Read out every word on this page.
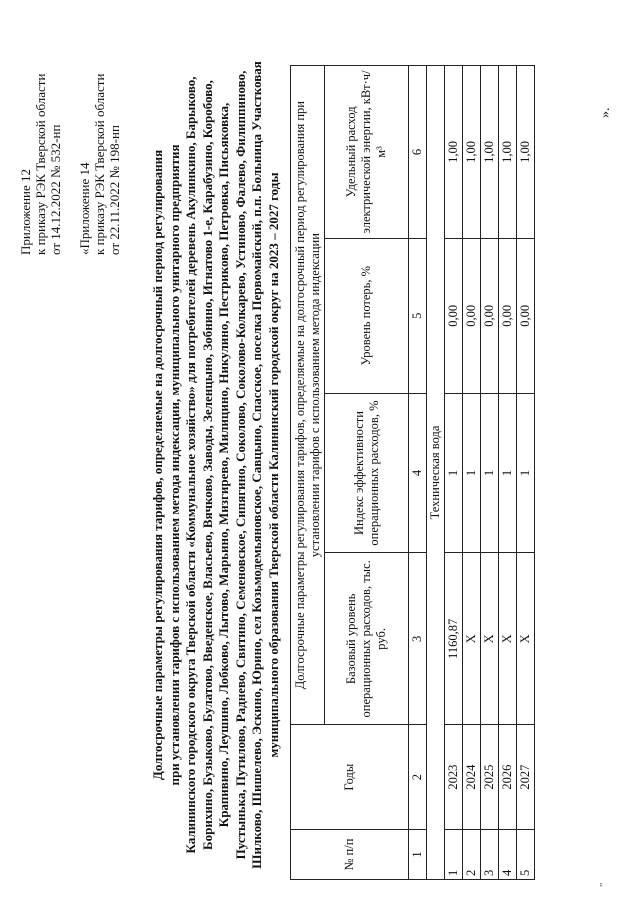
Приложение 12 к приказу РЭК Тверской области от 14.12.2022 № 532-нп «Приложение 14 к приказу РЭК Тверской области от 22.11.2022 № 198-нп Долгосрочные параметры регулирования тарифов, определяемые на долгосрочный период регулирования при установлении тарифов с использованием метода индексации, муниципального унитарного предприятия Калининского городского округа Тверской области «Коммунальное хозяйство» для потребителей деревень Акулинкино, Барыково, Борихино, Бузыково, Булатово, Введенское, Власьево, Вячково, Заводы, Зеленцыно, Зобнино, Игнатово 1-е, Карабузино, Коробово, Крапивино, Леушино, Лобково, Лытово, Марьино, Мизгирево, Милицино, Никулино, Пестриково, Петровка, Письяковка, Пустынька, Путилово, Раднево, Свитино, Семеновское, Сипягино, Соколово, Соколово-Колкарево, Устиново, Фалево, Филиппиново, Шилково, Шишелево, Эскино, Юрино, сел Козьмодемьяновское, Савцыно, Спасское, поселка Первомайский, п.п. Больница Участковая муниципального образования Тверской области Калининский городской округ на 2023 – 2027 годы
№ п/п	Годы	Долгосрочные параметры регулирования тарифов, определяемые на долгосрочный период регулирования при установлении тарифов с использованием метода индексации			
		Базовый уровень операционных расходов, тыс. руб.	Индекс эффективности операционных расходов, %	Уровень потерь, %	Удельный расход электрической энергии, кВт·ч/м³
1	2	3	4	5	6
Техническая вода					
1	2023	1160,87	1	0,00	1,00
2	2024	X	1	0,00	1,00
3	2025	X	1	0,00	1,00
4	2026	X	1	0,00	1,00
5	2027	X	1	0,00	1,00
».
"
